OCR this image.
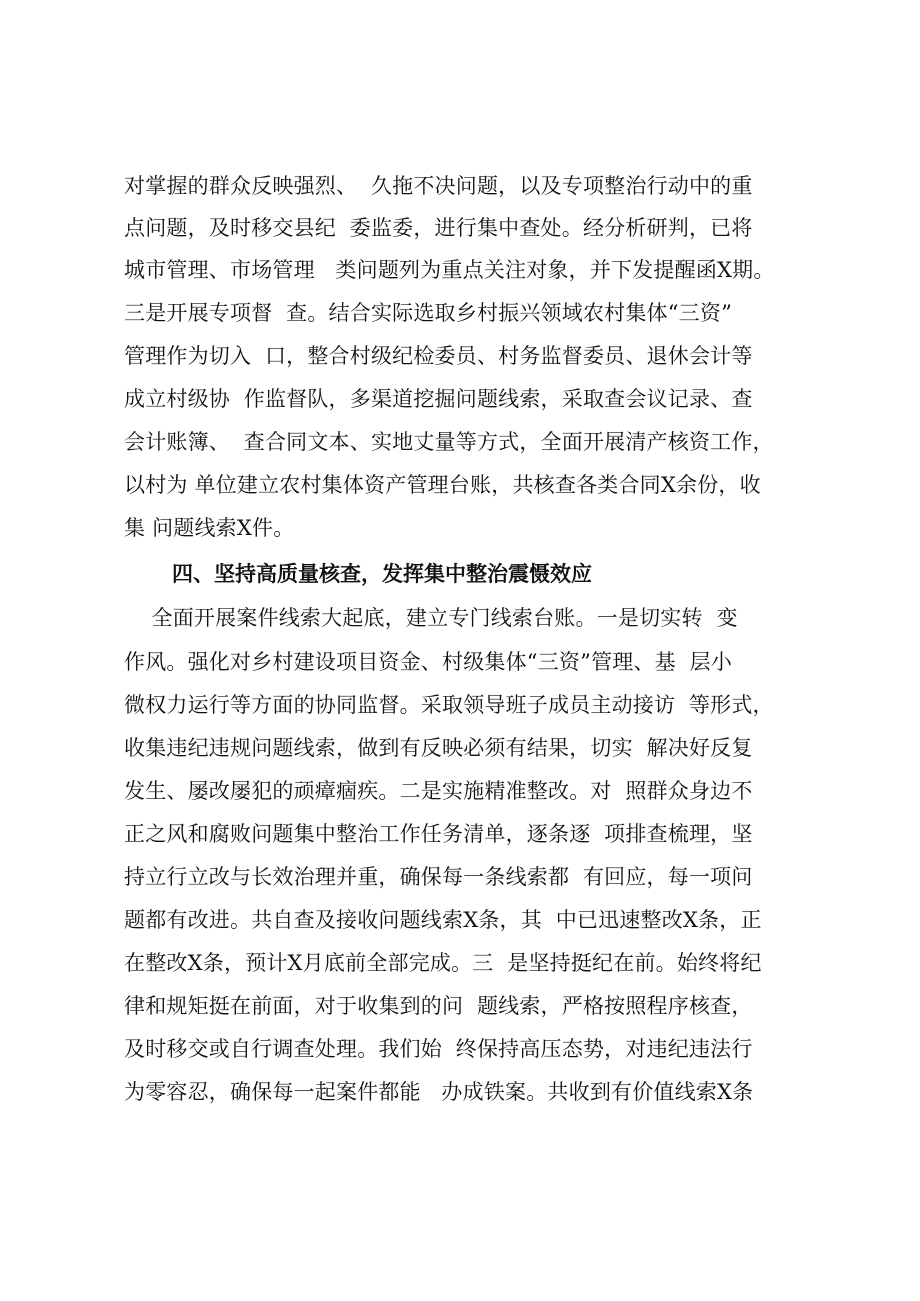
对掌握的群众反映强烈、  久拖不决问题，以及专项整治行动中的重
点问题，及时移交县纪  委监委，进行集中查处。经分析研判，已将
城市管理、市场管理   类问题列为重点关注对象，并下发提醒函X期。
三是开展专项督  查。结合实际选取乡村振兴领域农村集体“三资”
管理作为切入  口，整合村级纪检委员、村务监督委员、退休会计等
成立村级协  作监督队，多渠道挖掘问题线索，采取查会议记录、查
会计账簿、  查合同文本、实地丈量等方式，全面开展清产核资工作，
以村为 单位建立农村集体资产管理台账，共核查各类合同X余份，收
集 问题线索X件。
四、坚持高质量核查，发挥集中整治震慑效应
全面开展案件线索大起底，建立专门线索台账。一是切实转  变
作风。强化对乡村建设项目资金、村级集体“三资”管理、基  层小
微权力运行等方面的协同监督。采取领导班子成员主动接访  等形式，
收集违纪违规问题线索，做到有反映必须有结果，切实  解决好反复
发生、屡改屡犯的顽瘴痼疾。二是实施精准整改。对  照群众身边不
正之风和腐败问题集中整治工作任务清单，逐条逐  项排查梳理，坚
持立行立改与长效治理并重，确保每一条线索都  有回应，每一项问
题都有改进。共自查及接收问题线索X条，其  中已迅速整改X条，正
在整改X条，预计X月底前全部完成。三  是坚持挺纪在前。始终将纪
律和规矩挺在前面，对于收集到的问  题线索，严格按照程序核查，
及时移交或自行调查处理。我们始  终保持高压态势，对违纪违法行
为零容忍，确保每一起案件都能   办成铁案。共收到有价值线索X条
